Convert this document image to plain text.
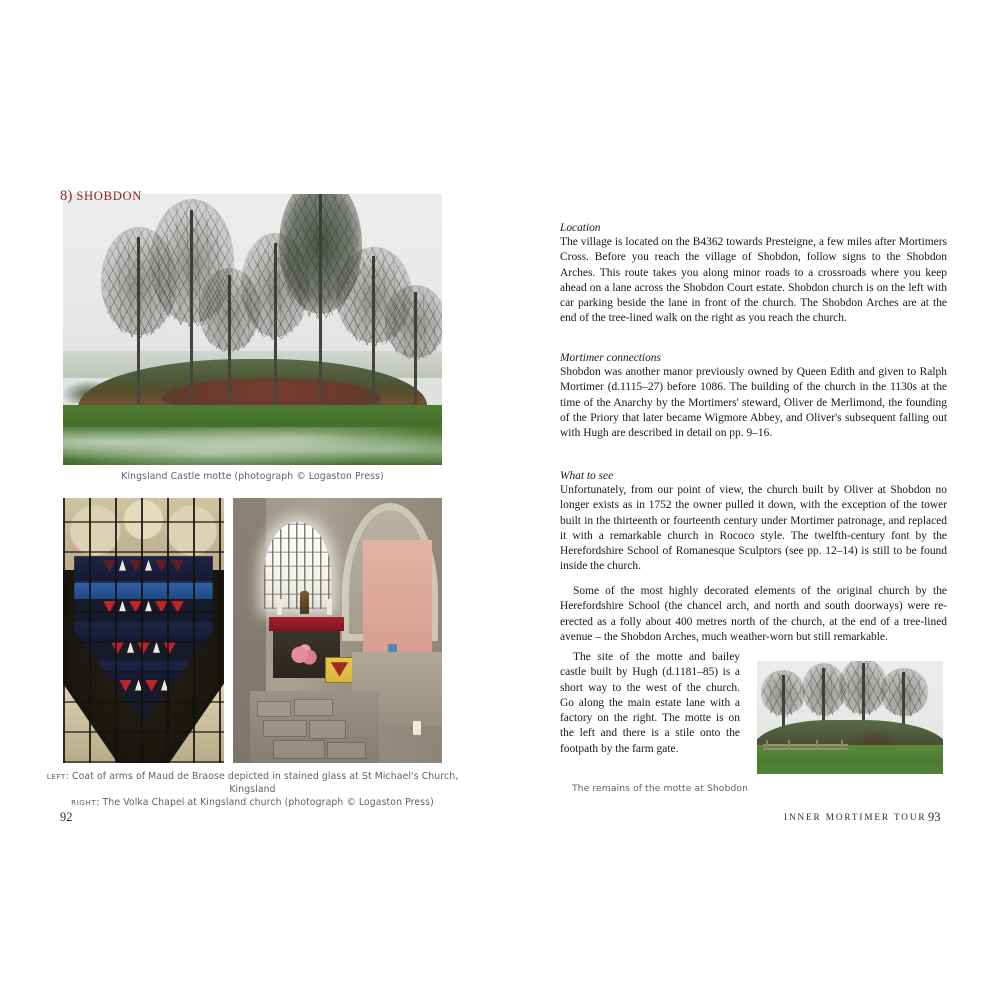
Kingsland Castle motte (photograph © Logaston Press)
LEFT: Coat of arms of Maud de Braose depicted in stained glass at St Michael's Church, Kingsland
RIGHT: The Volka Chapel at Kingsland church (photograph © Logaston Press)
92
8) SHOBDON
Location

The village is located on the B4362 towards Presteigne, a few miles after Mortimers Cross. Before you reach the village of Shobdon, follow signs to the Shobdon Arches. This route takes you along minor roads to a crossroads where you keep ahead on a lane across the Shobdon Court estate. Shobdon church is on the left with car parking beside the lane in front of the church. The Shobdon Arches are at the end of the tree-lined walk on the right as you reach the church.

Mortimer connections

Shobdon was another manor previously owned by Queen Edith and given to Ralph Mortimer (d.1115–27) before 1086. The building of the church in the 1130s at the time of the Anarchy by the Mortimers' steward, Oliver de Merlimond, the founding of the Priory that later became Wigmore Abbey, and Oliver's subsequent falling out with Hugh are described in detail on pp. 9–16.

What to see

Unfortunately, from our point of view, the church built by Oliver at Shobdon no longer exists as in 1752 the owner pulled it down, with the exception of the tower built in the thirteenth or fourteenth century under Mortimer patronage, and replaced it with a remarkable church in Rococo style. The twelfth-century font by the Herefordshire School of Romanesque Sculptors (see pp. 12–14) is still to be found inside the church.

Some of the most highly decorated elements of the original church by the Herefordshire School (the chancel arch, and north and south doorways) were re-erected as a folly about 400 metres north of the church, at the end of a tree-lined avenue – the Shobdon Arches, much weather-worn but still remarkable.

The site of the motte and bailey castle built by Hugh (d.1181–85) is a short way to the west of the church. Go along the main estate lane with a factory on the right. The motte is on the left and there is a stile onto the footpath by the farm gate.

The remains of the motte at Shobdon
INNER MORTIMER TOUR 93
